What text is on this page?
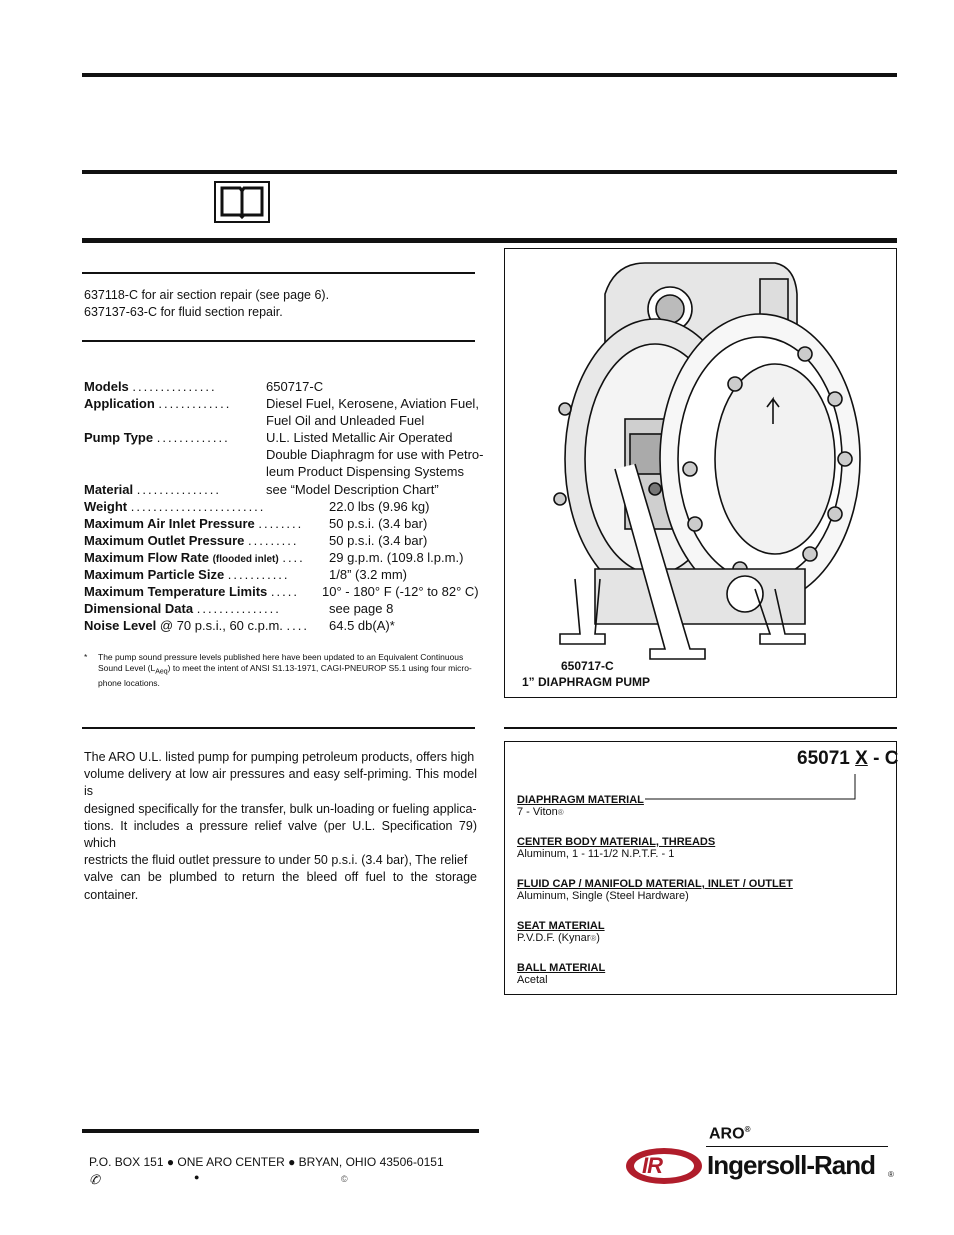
637118-C for air section repair (see page 6).
637137-63-C for fluid section repair.
Models ...............	650717-C
Application .............	Diesel Fuel, Kerosene, Aviation Fuel,
Fuel Oil and Unleaded Fuel
Pump Type .............	U.L. Listed Metallic Air Operated
Double Diaphragm for use with Petro-
leum Product Dispensing Systems
Material ...............	see “Model Description Chart”
Weight ........................	22.0 lbs (9.96 kg)
Maximum Air Inlet Pressure ........ 50 p.s.i. (3.4 bar)
Maximum Outlet Pressure ......... 50 p.s.i. (3.4 bar)
Maximum Flow Rate (flooded inlet) .... 29 g.p.m. (109.8 l.p.m.)
Maximum Particle Size ...........	1/8” (3.2 mm)
Maximum Temperature Limits ..... 10° - 180° F (-12° to 82° C)
Dimensional Data ...............	see page 8
Noise Level @ 70 p.s.i., 60 c.p.m. .... 64.5 db(A)*
* The pump sound pressure levels published here have been updated to an Equivalent Continuous
Sound Level $(L_{Aeq})$ to meet the intent of ANSI S1.13-1971, CAGI-PNEUROP S5.1 using four micro-
phone locations.
The ARO U.L. listed pump for pumping petroleum products, offers high
volume delivery at low air pressures and easy self-priming. This model is
designed specifically for the transfer, bulk un-loading or fueling applica-
tions. It includes a pressure relief valve (per U.L. Specification 79) which
restricts the fluid outlet pressure to under 50 p.s.i. (3.4 bar), The relief
valve can be plumbed to return the bleed off fuel to the storage container.
650717-C
1” DIAPHRAGM PUMP
65071 X - C
DIAPHRAGM MATERIAL
7 - Viton®
CENTER BODY MATERIAL, THREADS
Aluminum, 1 - 11-1/2 N.P.T.F. - 1
FLUID CAP / MANIFOLD MATERIAL, INLET / OUTLET
Aluminum, Single (Steel Hardware)
SEAT MATERIAL
P.V.D.F. (Kynar®)
BALL MATERIAL
Acetal
P.O. BOX 151 ● ONE ARO CENTER ● BRYAN, OHIO 43506-0151
✆	●	©
ARO®
IR Ingersoll-Rand ®
